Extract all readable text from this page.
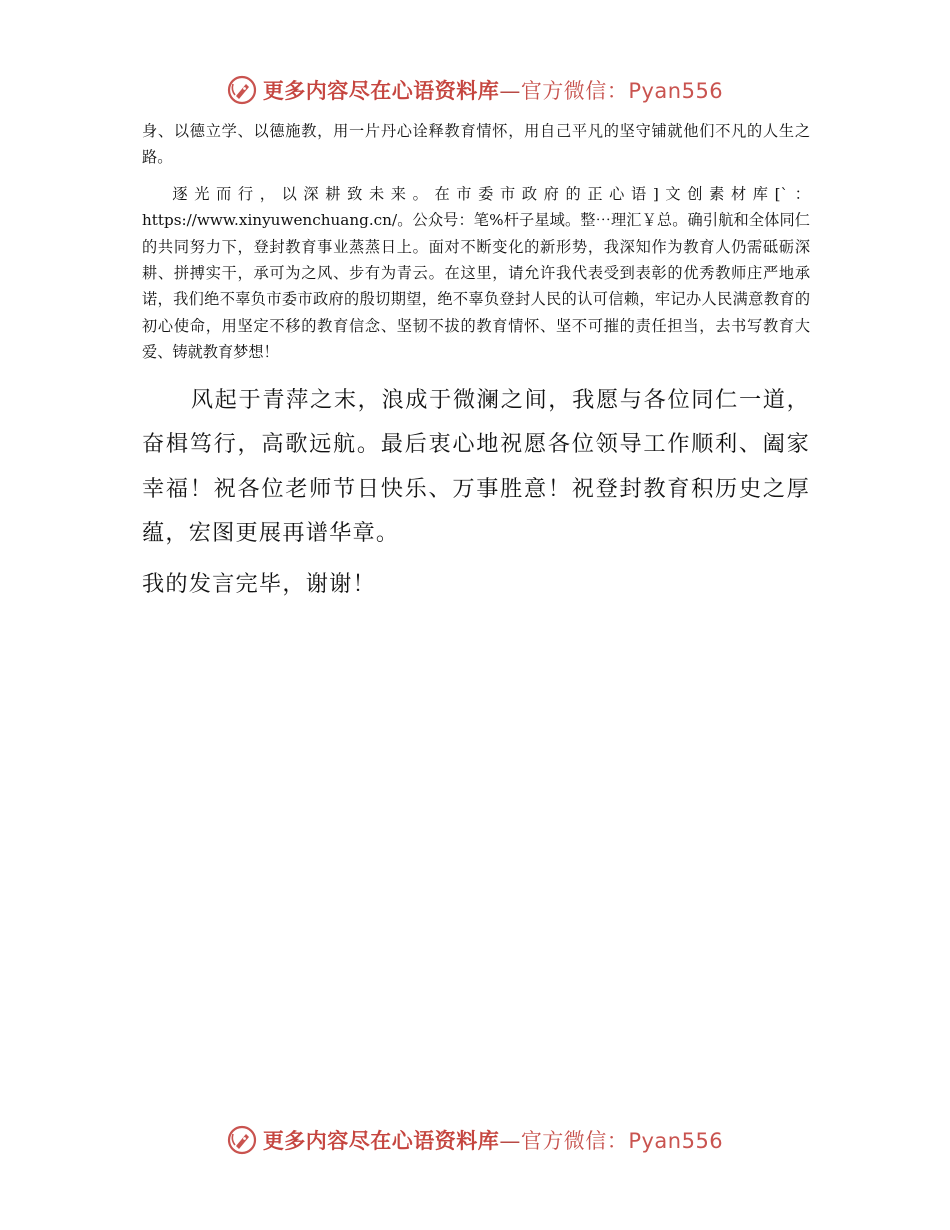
更多内容尽在心语资料库—官方微信：Pyan556

身、以德立学、以德施教，用一片丹心诠释教育情怀，用自己平凡的坚守铺就他们不凡的人生之路。

逐光而行，以深耕致未来。在市委市政府的正心语]文创素材库[`：https://www.xinyuwenchuang.cn/。公众号：笔%杆子星域。整⋯理汇￥总。确引航和全体同仁的共同努力下，登封教育事业蒸蒸日上。面对不断变化的新形势，我深知作为教育人仍需砥砺深耕、拼搏实干，承可为之风、步有为青云。在这里，请允许我代表受到表彰的优秀教师庄严地承诺，我们绝不辜负市委市政府的殷切期望，绝不辜负登封人民的认可信赖，牢记办人民满意教育的初心使命，用坚定不移的教育信念、坚韧不拔的教育情怀、坚不可摧的责任担当，去书写教育大爱、铸就教育梦想！

风起于青萍之末，浪成于微澜之间，我愿与各位同仁一道，奋楫笃行，高歌远航。最后衷心地祝愿各位领导工作顺利、阖家幸福！祝各位老师节日快乐、万事胜意！祝登封教育积历史之厚蕴，宏图更展再谱华章。

我的发言完毕，谢谢！

更多内容尽在心语资料库—官方微信：Pyan556
